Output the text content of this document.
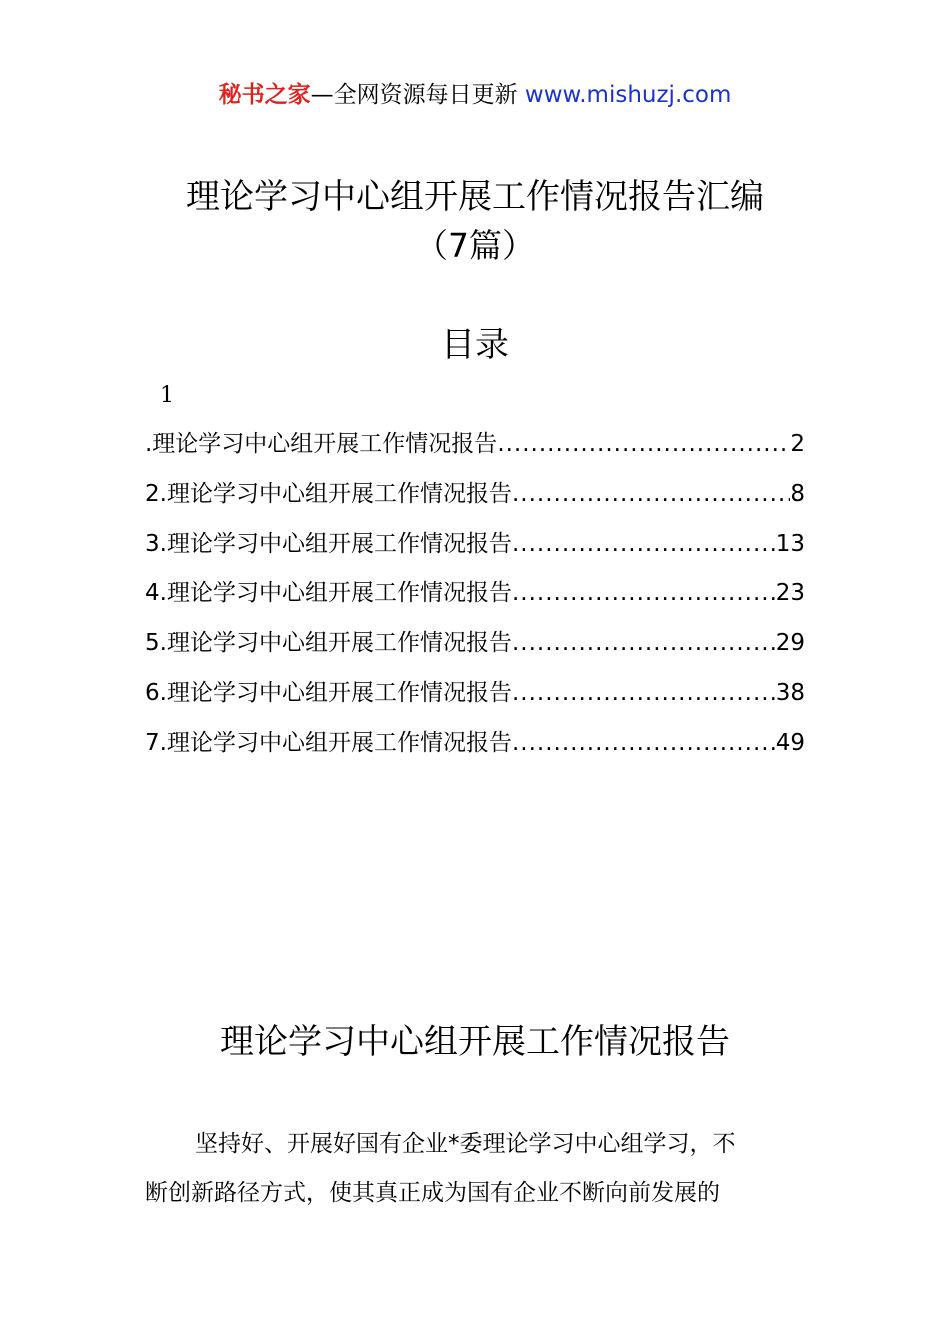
秘书之家—全网资源每日更新 www.mishuzj.com
理论学习中心组开展工作情况报告汇编
（7篇）
目录
1
.理论学习中心组开展工作情况报告 .....	2
2.理论学习中心组开展工作情况报告 .....	8
3.理论学习中心组开展工作情况报告 .....	13
4.理论学习中心组开展工作情况报告 .....	23
5.理论学习中心组开展工作情况报告 .....	29
6.理论学习中心组开展工作情况报告 .....	38
7.理论学习中心组开展工作情况报告 .....	49
理论学习中心组开展工作情况报告
坚持好、开展好国有企业*委理论学习中心组学习，不
断创新路径方式，使其真正成为国有企业不断向前发展的
